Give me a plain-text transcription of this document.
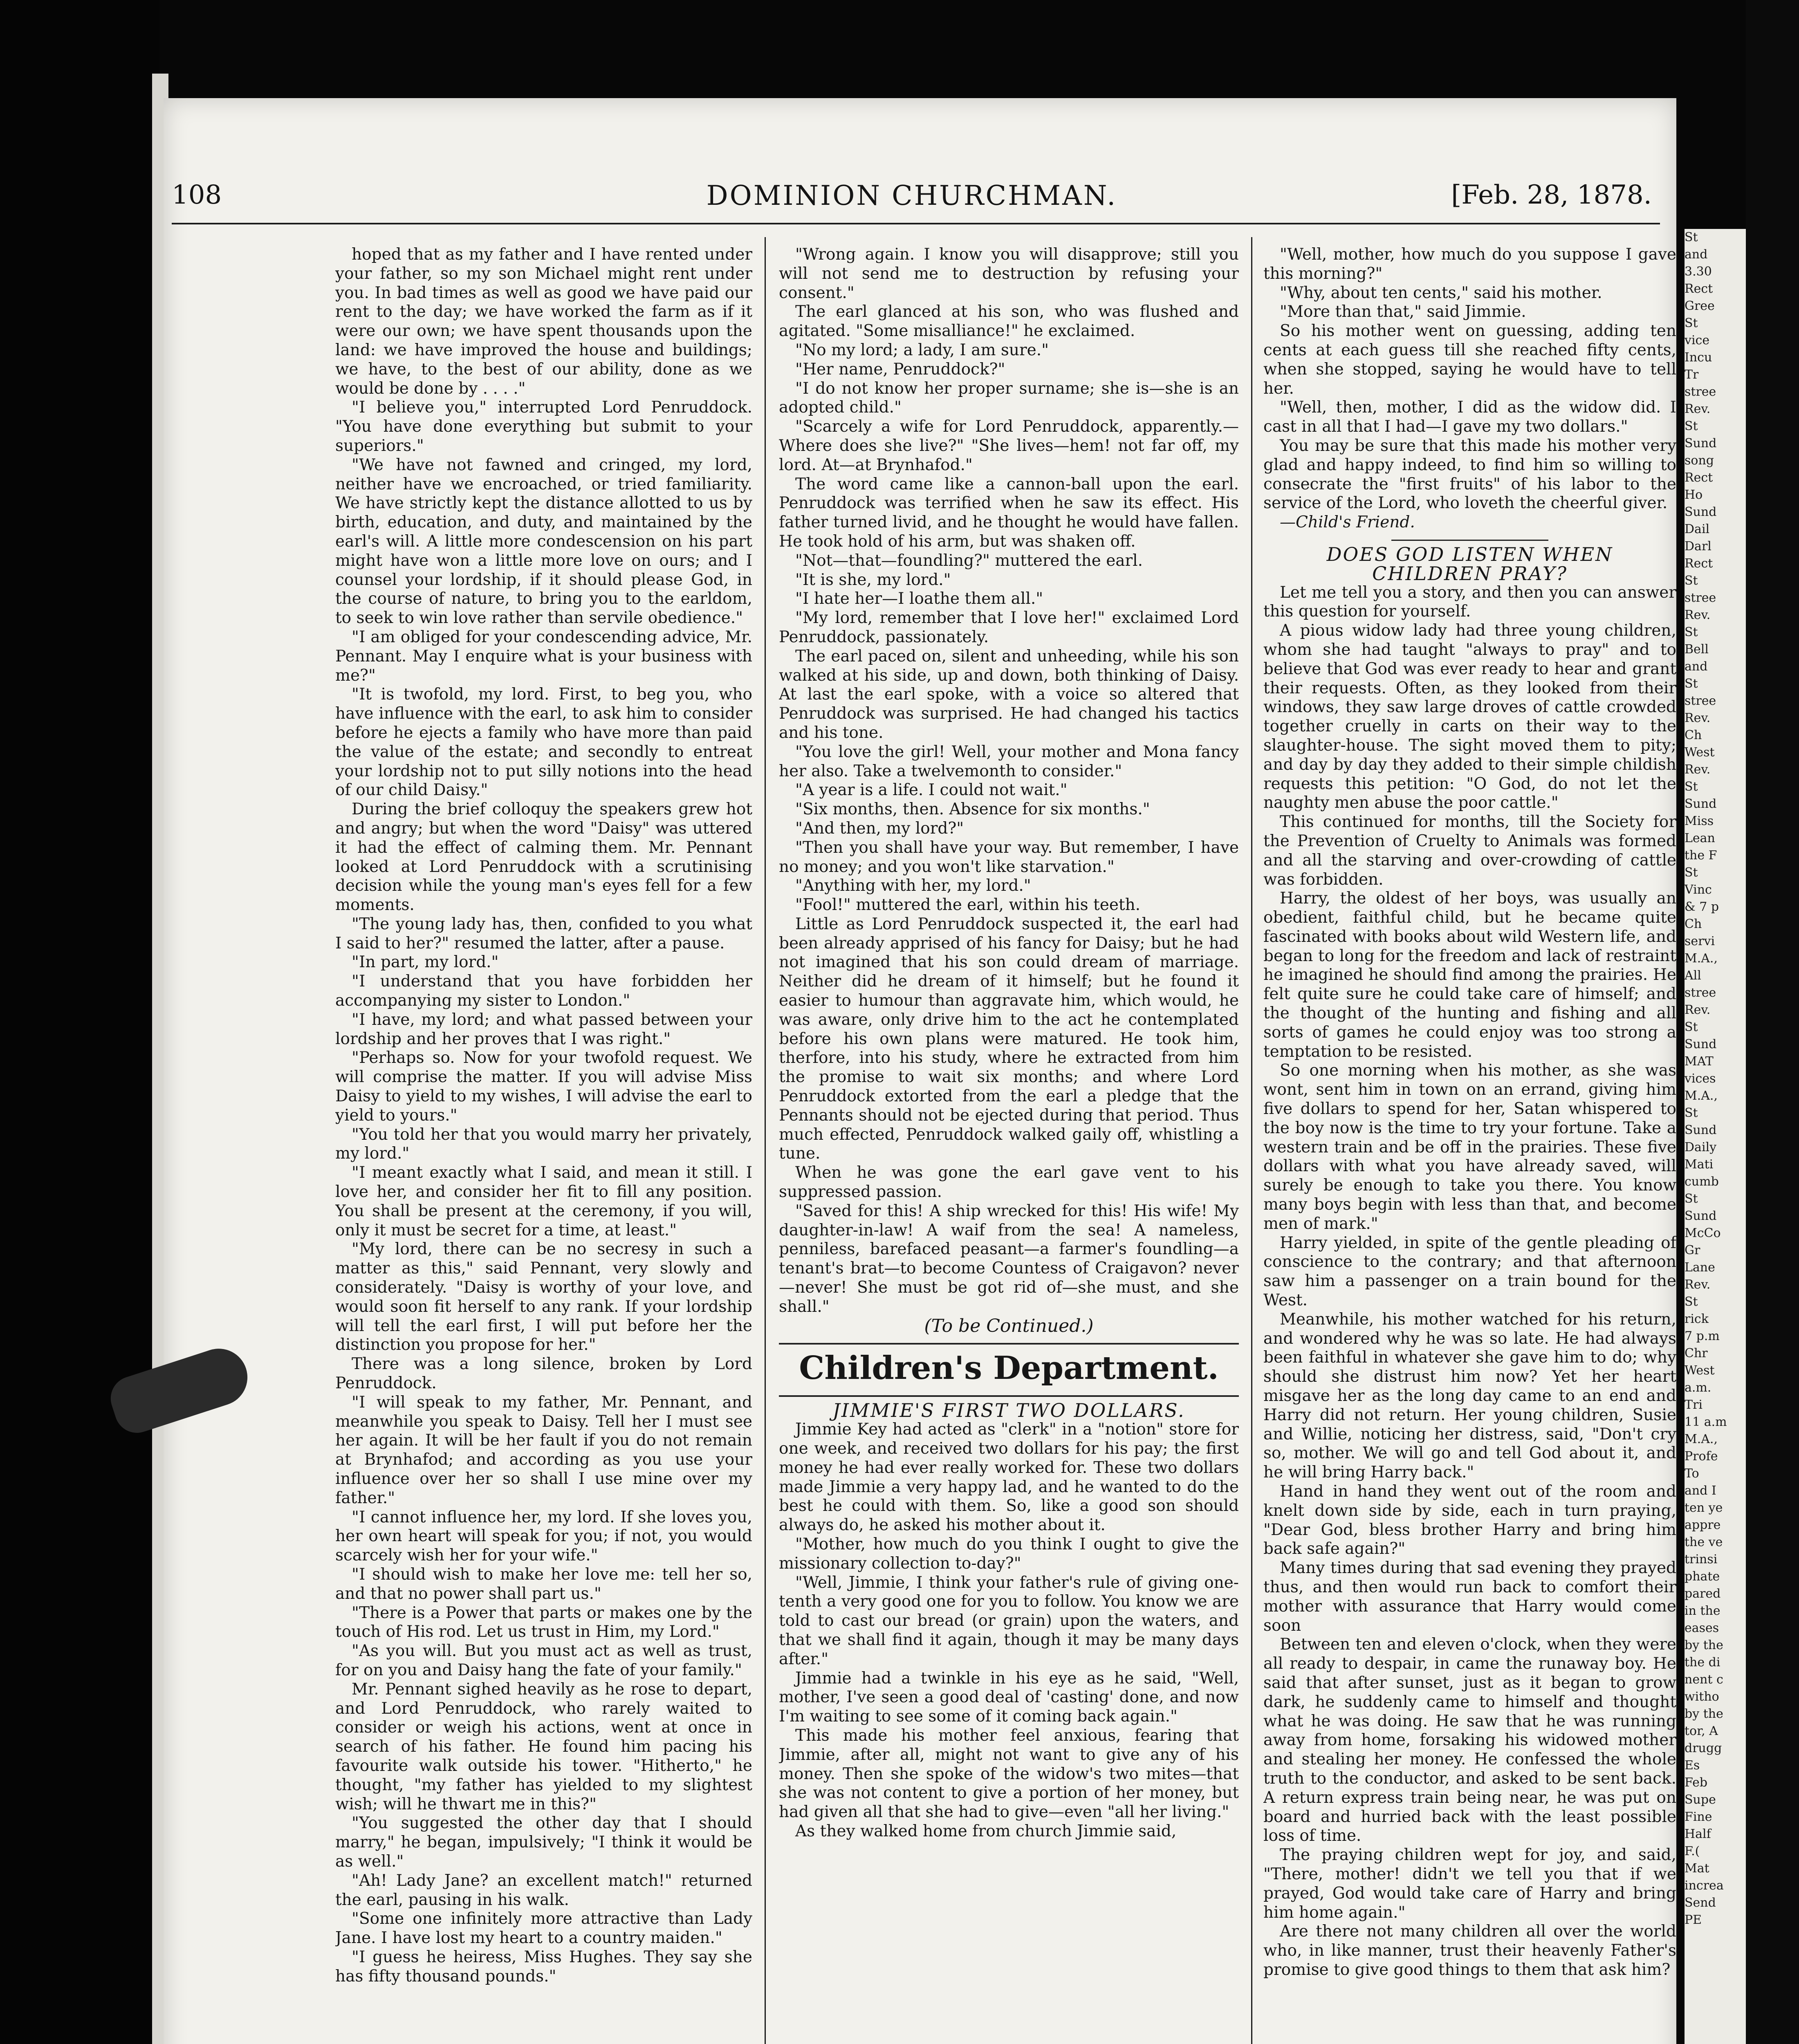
108	DOMINION CHURCHMAN.	[Feb. 28, 1878.

hoped that as my father and I have rented under your father, so my son Michael might rent under you. In bad times as well as good we have paid our rent to the day; we have worked the farm as if it were our own; we have spent thousands upon the land: we have improved the house and buildings; we have, to the best of our ability, done as we would be done by . . . ."

"I believe you," interrupted Lord Penruddock. "You have done everything but submit to your superiors."

"We have not fawned and cringed, my lord, neither have we encroached, or tried familiarity. We have strictly kept the distance allotted to us by birth, education, and duty, and maintained by the earl's will. A little more condescension on his part might have won a little more love on ours; and I counsel your lordship, if it should please God, in the course of nature, to bring you to the earldom, to seek to win love rather than servile obedience."

"I am obliged for your condescending advice, Mr. Pennant. May I enquire what is your business with me?"

"It is twofold, my lord. First, to beg you, who have influence with the earl, to ask him to consider before he ejects a family who have more than paid the value of the estate; and secondly to entreat your lordship not to put silly notions into the head of our child Daisy."

During the brief colloquy the speakers grew hot and angry; but when the word "Daisy" was uttered it had the effect of calming them. Mr. Pennant looked at Lord Penruddock with a scrutinising decision while the young man's eyes fell for a few moments.

"The young lady has, then, confided to you what I said to her?" resumed the latter, after a pause.

"In part, my lord."

"I understand that you have forbidden her accompanying my sister to London."

"I have, my lord; and what passed between your lordship and her proves that I was right."

"Perhaps so. Now for your twofold request. We will comprise the matter. If you will advise Miss Daisy to yield to my wishes, I will advise the earl to yield to yours."

"You told her that you would marry her privately, my lord."

"I meant exactly what I said, and mean it still. I love her, and consider her fit to fill any position. You shall be present at the ceremony, if you will, only it must be secret for a time, at least."

"My lord, there can be no secresy in such a matter as this," said Pennant, very slowly and considerately. "Daisy is worthy of your love, and would soon fit herself to any rank. If your lordship will tell the earl first, I will put before her the distinction you propose for her."

There was a long silence, broken by Lord Penruddock.

"I will speak to my father, Mr. Pennant, and meanwhile you speak to Daisy. Tell her I must see her again. It will be her fault if you do not remain at Brynhafod; and according as you use your influence over her so shall I use mine over my father."

"I cannot influence her, my lord. If she loves you, her own heart will speak for you; if not, you would scarcely wish her for your wife."

"I should wish to make her love me: tell her so, and that no power shall part us."

"There is a Power that parts or makes one by the touch of His rod. Let us trust in Him, my Lord."

"As you will. But you must act as well as trust, for on you and Daisy hang the fate of your family."

Mr. Pennant sighed heavily as he rose to depart, and Lord Penruddock, who rarely waited to consider or weigh his actions, went at once in search of his father. He found him pacing his favourite walk outside his tower. "Hitherto," he thought, "my father has yielded to my slightest wish; will he thwart me in this?"

"You suggested the other day that I should marry," he began, impulsively; "I think it would be as well."

"Ah! Lady Jane? an excellent match!" returned the earl, pausing in his walk.

"Some one infinitely more attractive than Lady Jane. I have lost my heart to a country maiden."

"I guess he heiress, Miss Hughes. They say she has fifty thousand pounds."

"Wrong again. I know you will disapprove; still you will not send me to destruction by refusing your consent."

The earl glanced at his son, who was flushed and agitated. "Some misalliance!" he exclaimed.

"No my lord; a lady, I am sure."

"Her name, Penruddock?"

"I do not know her proper surname; she is—she is an adopted child."

"Scarcely a wife for Lord Penruddock, apparently.—Where does she live?" "She lives—hem! not far off, my lord. At—at Brynhafod."

The word came like a cannon-ball upon the earl. Penruddock was terrified when he saw its effect. His father turned livid, and he thought he would have fallen. He took hold of his arm, but was shaken off.

"Not—that—foundling?" muttered the earl.

"It is she, my lord."

"I hate her—I loathe them all."

"My lord, remember that I love her!" exclaimed Lord Penruddock, passionately.

The earl paced on, silent and unheeding, while his son walked at his side, up and down, both thinking of Daisy. At last the earl spoke, with a voice so altered that Penruddock was surprised. He had changed his tactics and his tone.

"You love the girl! Well, your mother and Mona fancy her also. Take a twelvemonth to consider."

"A year is a life. I could not wait."

"Six months, then. Absence for six months."

"And then, my lord?"

"Then you shall have your way. But remember, I have no money; and you won't like starvation."

"Anything with her, my lord."

"Fool!" muttered the earl, within his teeth.

Little as Lord Penruddock suspected it, the earl had been already apprised of his fancy for Daisy; but he had not imagined that his son could dream of marriage. Neither did he dream of it himself; but he found it easier to humour than aggravate him, which would, he was aware, only drive him to the act he contemplated before his own plans were matured. He took him, therfore, into his study, where he extracted from him the promise to wait six months; and where Lord Penruddock extorted from the earl a pledge that the Pennants should not be ejected during that period. Thus much effected, Penruddock walked gaily off, whistling a tune.

When he was gone the earl gave vent to his suppressed passion.

"Saved for this! A ship wrecked for this! His wife! My daughter-in-law! A waif from the sea! A nameless, penniless, barefaced peasant—a farmer's foundling—a tenant's brat—to become Countess of Craigavon? never—never! She must be got rid of—she must, and she shall."

(To be Continued.)

Children's Department.

JIMMIE'S FIRST TWO DOLLARS.

Jimmie Key had acted as "clerk" in a "notion" store for one week, and received two dollars for his pay; the first money he had ever really worked for. These two dollars made Jimmie a very happy lad, and he wanted to do the best he could with them. So, like a good son should always do, he asked his mother about it.

"Mother, how much do you think I ought to give the missionary collection to-day?"

"Well, Jimmie, I think your father's rule of giving one-tenth a very good one for you to follow. You know we are told to cast our bread (or grain) upon the waters, and that we shall find it again, though it may be many days after."

Jimmie had a twinkle in his eye as he said, "Well, mother, I've seen a good deal of 'casting' done, and now I'm waiting to see some of it coming back again."

This made his mother feel anxious, fearing that Jimmie, after all, might not want to give any of his money. Then she spoke of the widow's two mites—that she was not content to give a portion of her money, but had given all that she had to give—even "all her living."

As they walked home from church Jimmie said,

"Well, mother, how much do you suppose I gave this morning?"

"Why, about ten cents," said his mother.

"More than that," said Jimmie.

So his mother went on guessing, adding ten cents at each guess till she reached fifty cents, when she stopped, saying he would have to tell her.

"Well, then, mother, I did as the widow did. I cast in all that I had—I gave my two dollars."

You may be sure that this made his mother very glad and happy indeed, to find him so willing to consecrate the "first fruits" of his labor to the service of the Lord, who loveth the cheerful giver.

—Child's Friend.

DOES GOD LISTEN WHEN CHILDREN PRAY?

Let me tell you a story, and then you can answer this question for yourself.

A pious widow lady had three young children, whom she had taught "always to pray" and to believe that God was ever ready to hear and grant their requests. Often, as they looked from their windows, they saw large droves of cattle crowded together cruelly in carts on their way to the slaughter-house. The sight moved them to pity; and day by day they added to their simple childish requests this petition: "O God, do not let the naughty men abuse the poor cattle."

This continued for months, till the Society for the Prevention of Cruelty to Animals was formed and all the starving and over-crowding of cattle was forbidden.

Harry, the oldest of her boys, was usually an obedient, faithful child, but he became quite fascinated with books about wild Western life, and began to long for the freedom and lack of restraint he imagined he should find among the prairies. He felt quite sure he could take care of himself; and the thought of the hunting and fishing and all sorts of games he could enjoy was too strong a temptation to be resisted.

So one morning when his mother, as she was wont, sent him in town on an errand, giving him five dollars to spend for her, Satan whispered to the boy now is the time to try your fortune. Take a western train and be off in the prairies. These five dollars with what you have already saved, will surely be enough to take you there. You know many boys begin with less than that, and become men of mark."

Harry yielded, in spite of the gentle pleading of conscience to the contrary; and that afternoon saw him a passenger on a train bound for the West.

Meanwhile, his mother watched for his return, and wondered why he was so late. He had always been faithful in whatever she gave him to do; why should she distrust him now? Yet her heart misgave her as the long day came to an end and Harry did not return. Her young children, Susie and Willie, noticing her distress, said, "Don't cry so, mother. We will go and tell God about it, and he will bring Harry back."

Hand in hand they went out of the room and knelt down side by side, each in turn praying, "Dear God, bless brother Harry and bring him back safe again?"

Many times during that sad evening they prayed thus, and then would run back to comfort their mother with assurance that Harry would come soon

Between ten and eleven o'clock, when they were all ready to despair, in came the runaway boy. He said that after sunset, just as it began to grow dark, he suddenly came to himself and thought what he was doing. He saw that he was running away from home, forsaking his widowed mother and stealing her money. He confessed the whole truth to the conductor, and asked to be sent back. A return express train being near, he was put on board and hurried back with the least possible loss of time.

The praying children wept for joy, and said, "There, mother! didn't we tell you that if we prayed, God would take care of Harry and bring him home again."

Are there not many children all over the world who, in like manner, trust their heavenly Father's promise to give good things to them that ask him?

St
and
3.30
Rect
Gree
St
vice
Incu
Tr
stree
Rev.
St
Sund
song
Rect
Ho
Sund
Dail
Darl
Rect
St
stree
Rev.
St
Bell
and
St
stree
Rev.
Ch
West
Rev.
St
Sund
Miss
Lean
the F
St
Vinc
& 7 p
Ch
servi
M.A.,
All
stree
Rev.
St
Sund
MAT
vices
M.A.,
St
Sund
Daily
Mati
cumb
St
Sund
McCo
Gr
Lane
Rev.
St
rick
7 p.m
Chr
West
a.m.
Tri
11 a.m
M.A.,
Profe
To
and I
ten ye
appre
the ve
trinsi
phate
pared
in the
eases
by the
the di
nent c
witho
by the
tor, A
drugg
Es
Feb
Supe
Fine
Half
F.(
Mat
increa
Send
PE
